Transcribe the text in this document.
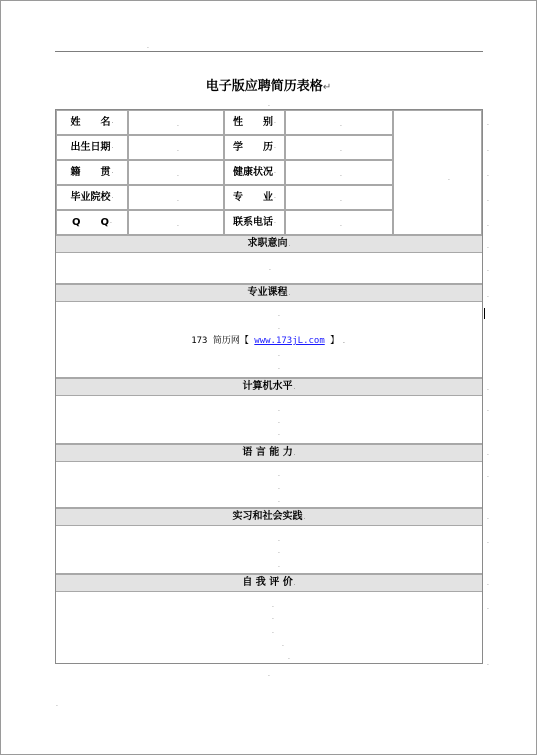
.
电子版应聘简历表格↵
.
姓　　名.	.	性　　别.	.
出生日期.	.	学　　历.	.
籍　　贯.	.	健康状况.	.
毕业院校.	.	专　　业.	.
Q　　Q.	.	联系电话.	.
.
求职意向.
.
专业课程.
.
.
.
.
计算机水平.
.
.
.
语 言 能 力.
.
.
.
实习和社会实践.
.
.
.
自 我 评 价.
.
.
.
.
.
173 简历网【 www.173jL.com 】 .
.
.
.
.
.
.
.
.
.
.
.
.
.
.
.
.
.
.
.
